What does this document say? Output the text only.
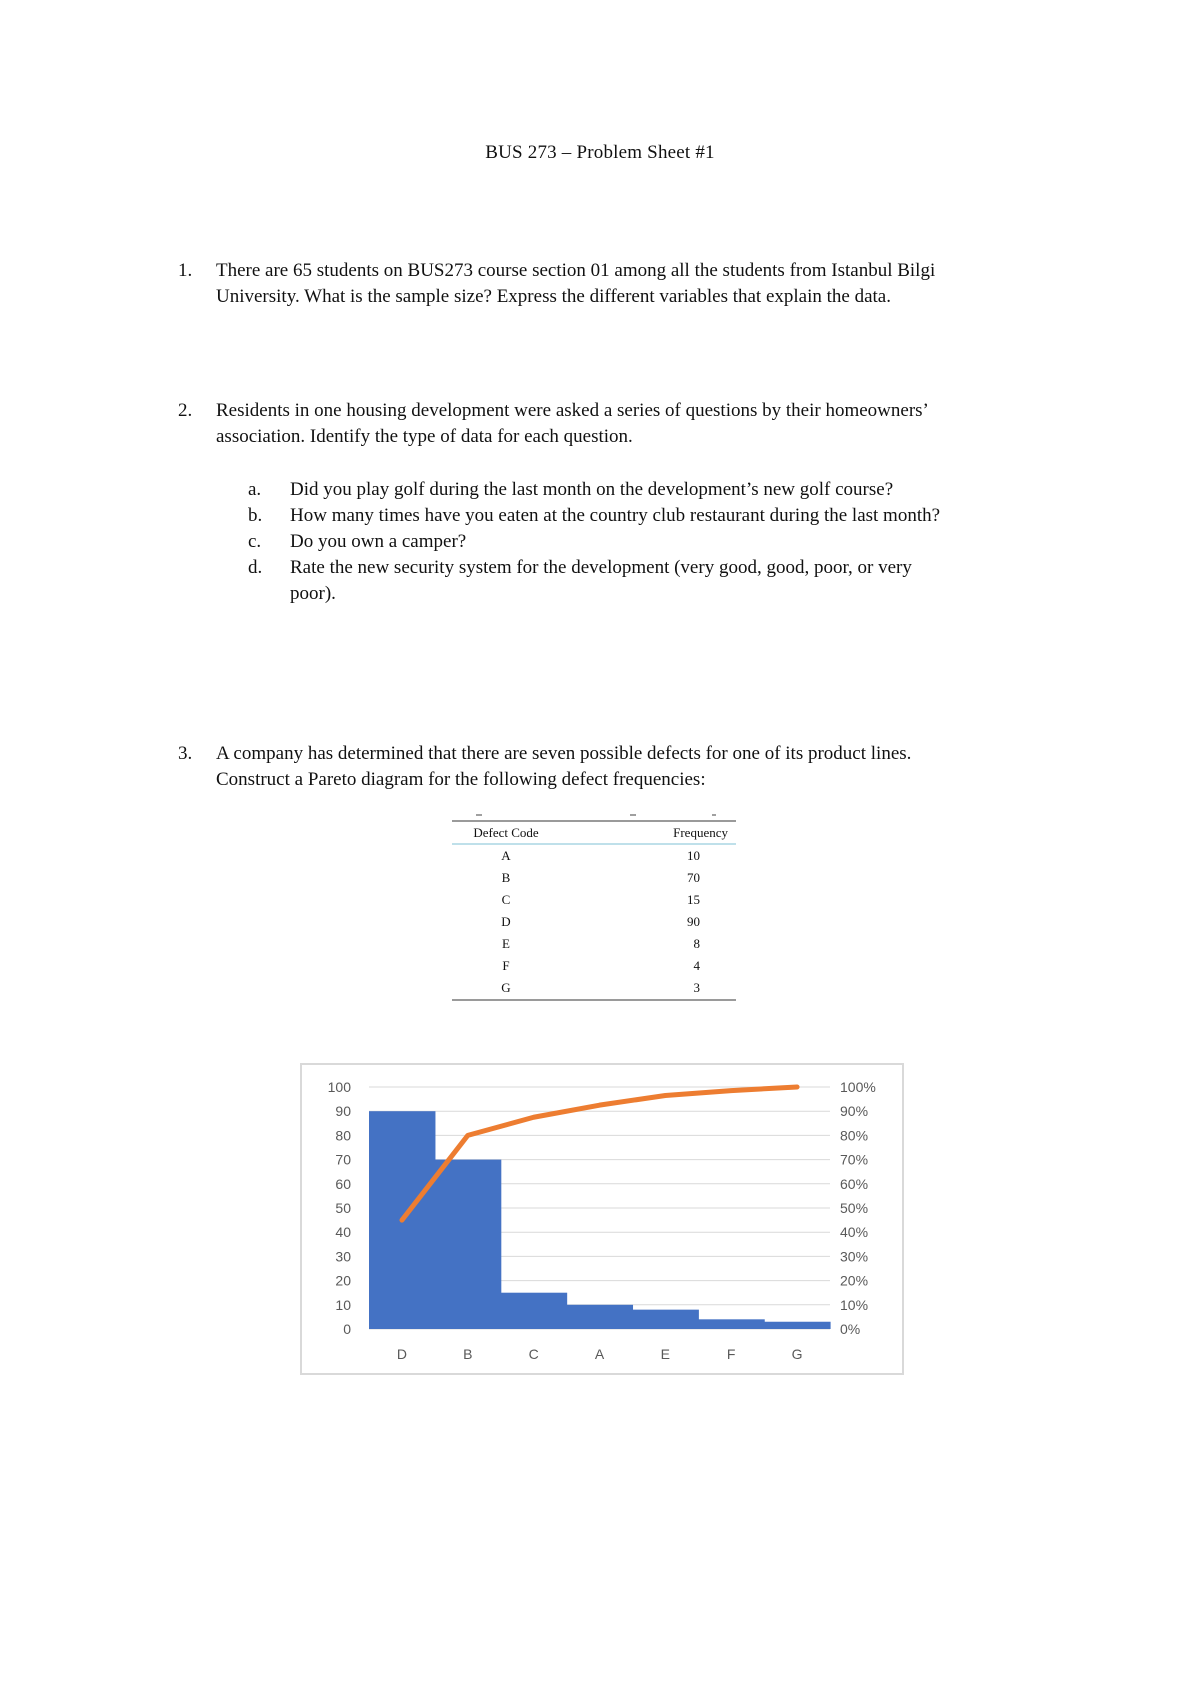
BUS 273 – Problem Sheet #1
1. There are 65 students on BUS273 course section 01 among all the students from Istanbul Bilgi
University. What is the sample size? Express the different variables that explain the data.
2. Residents in one housing development were asked a series of questions by their homeowners’
association. Identify the type of data for each question.
a. Did you play golf during the last month on the development’s new golf course?
b. How many times have you eaten at the country club restaurant during the last month?
c. Do you own a camper?
d. Rate the new security system for the development (very good, good, poor, or very
poor).
3. A company has determined that there are seven possible defects for one of its product lines.
Construct a Pareto diagram for the following defect frequencies:
Defect Code	Frequency
A	10
B	70
C	15
D	90
E	8
F	4
G	3
0
10
20
30
40
50
60
70
80
90
100
0%
10%
20%
30%
40%
50%
60%
70%
80%
90%
100%
D	B	C	A	E	F	G
